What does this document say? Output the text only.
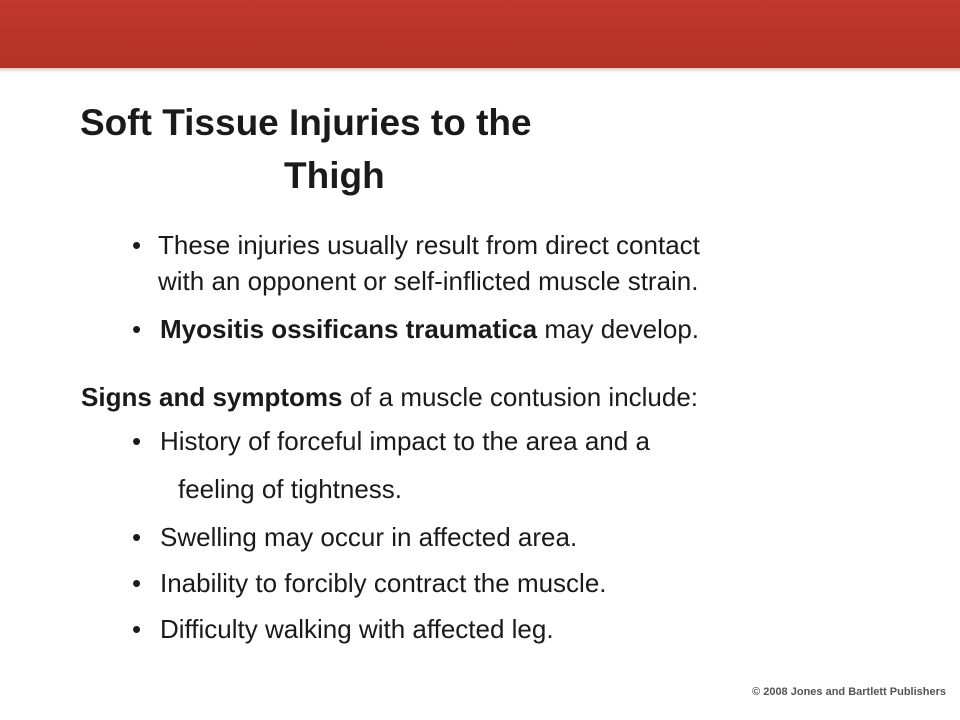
Soft Tissue Injuries to the
Thigh
• These injuries usually result from direct contact
with an opponent or self-inflicted muscle strain.
• Myositis ossificans traumatica may develop.
Signs and symptoms of a muscle contusion include:
• History of forceful impact to the area and a
feeling of tightness.
• Swelling may occur in affected area.
• Inability to forcibly contract the muscle.
• Difficulty walking with affected leg.
© 2008 Jones and Bartlett Publishers
